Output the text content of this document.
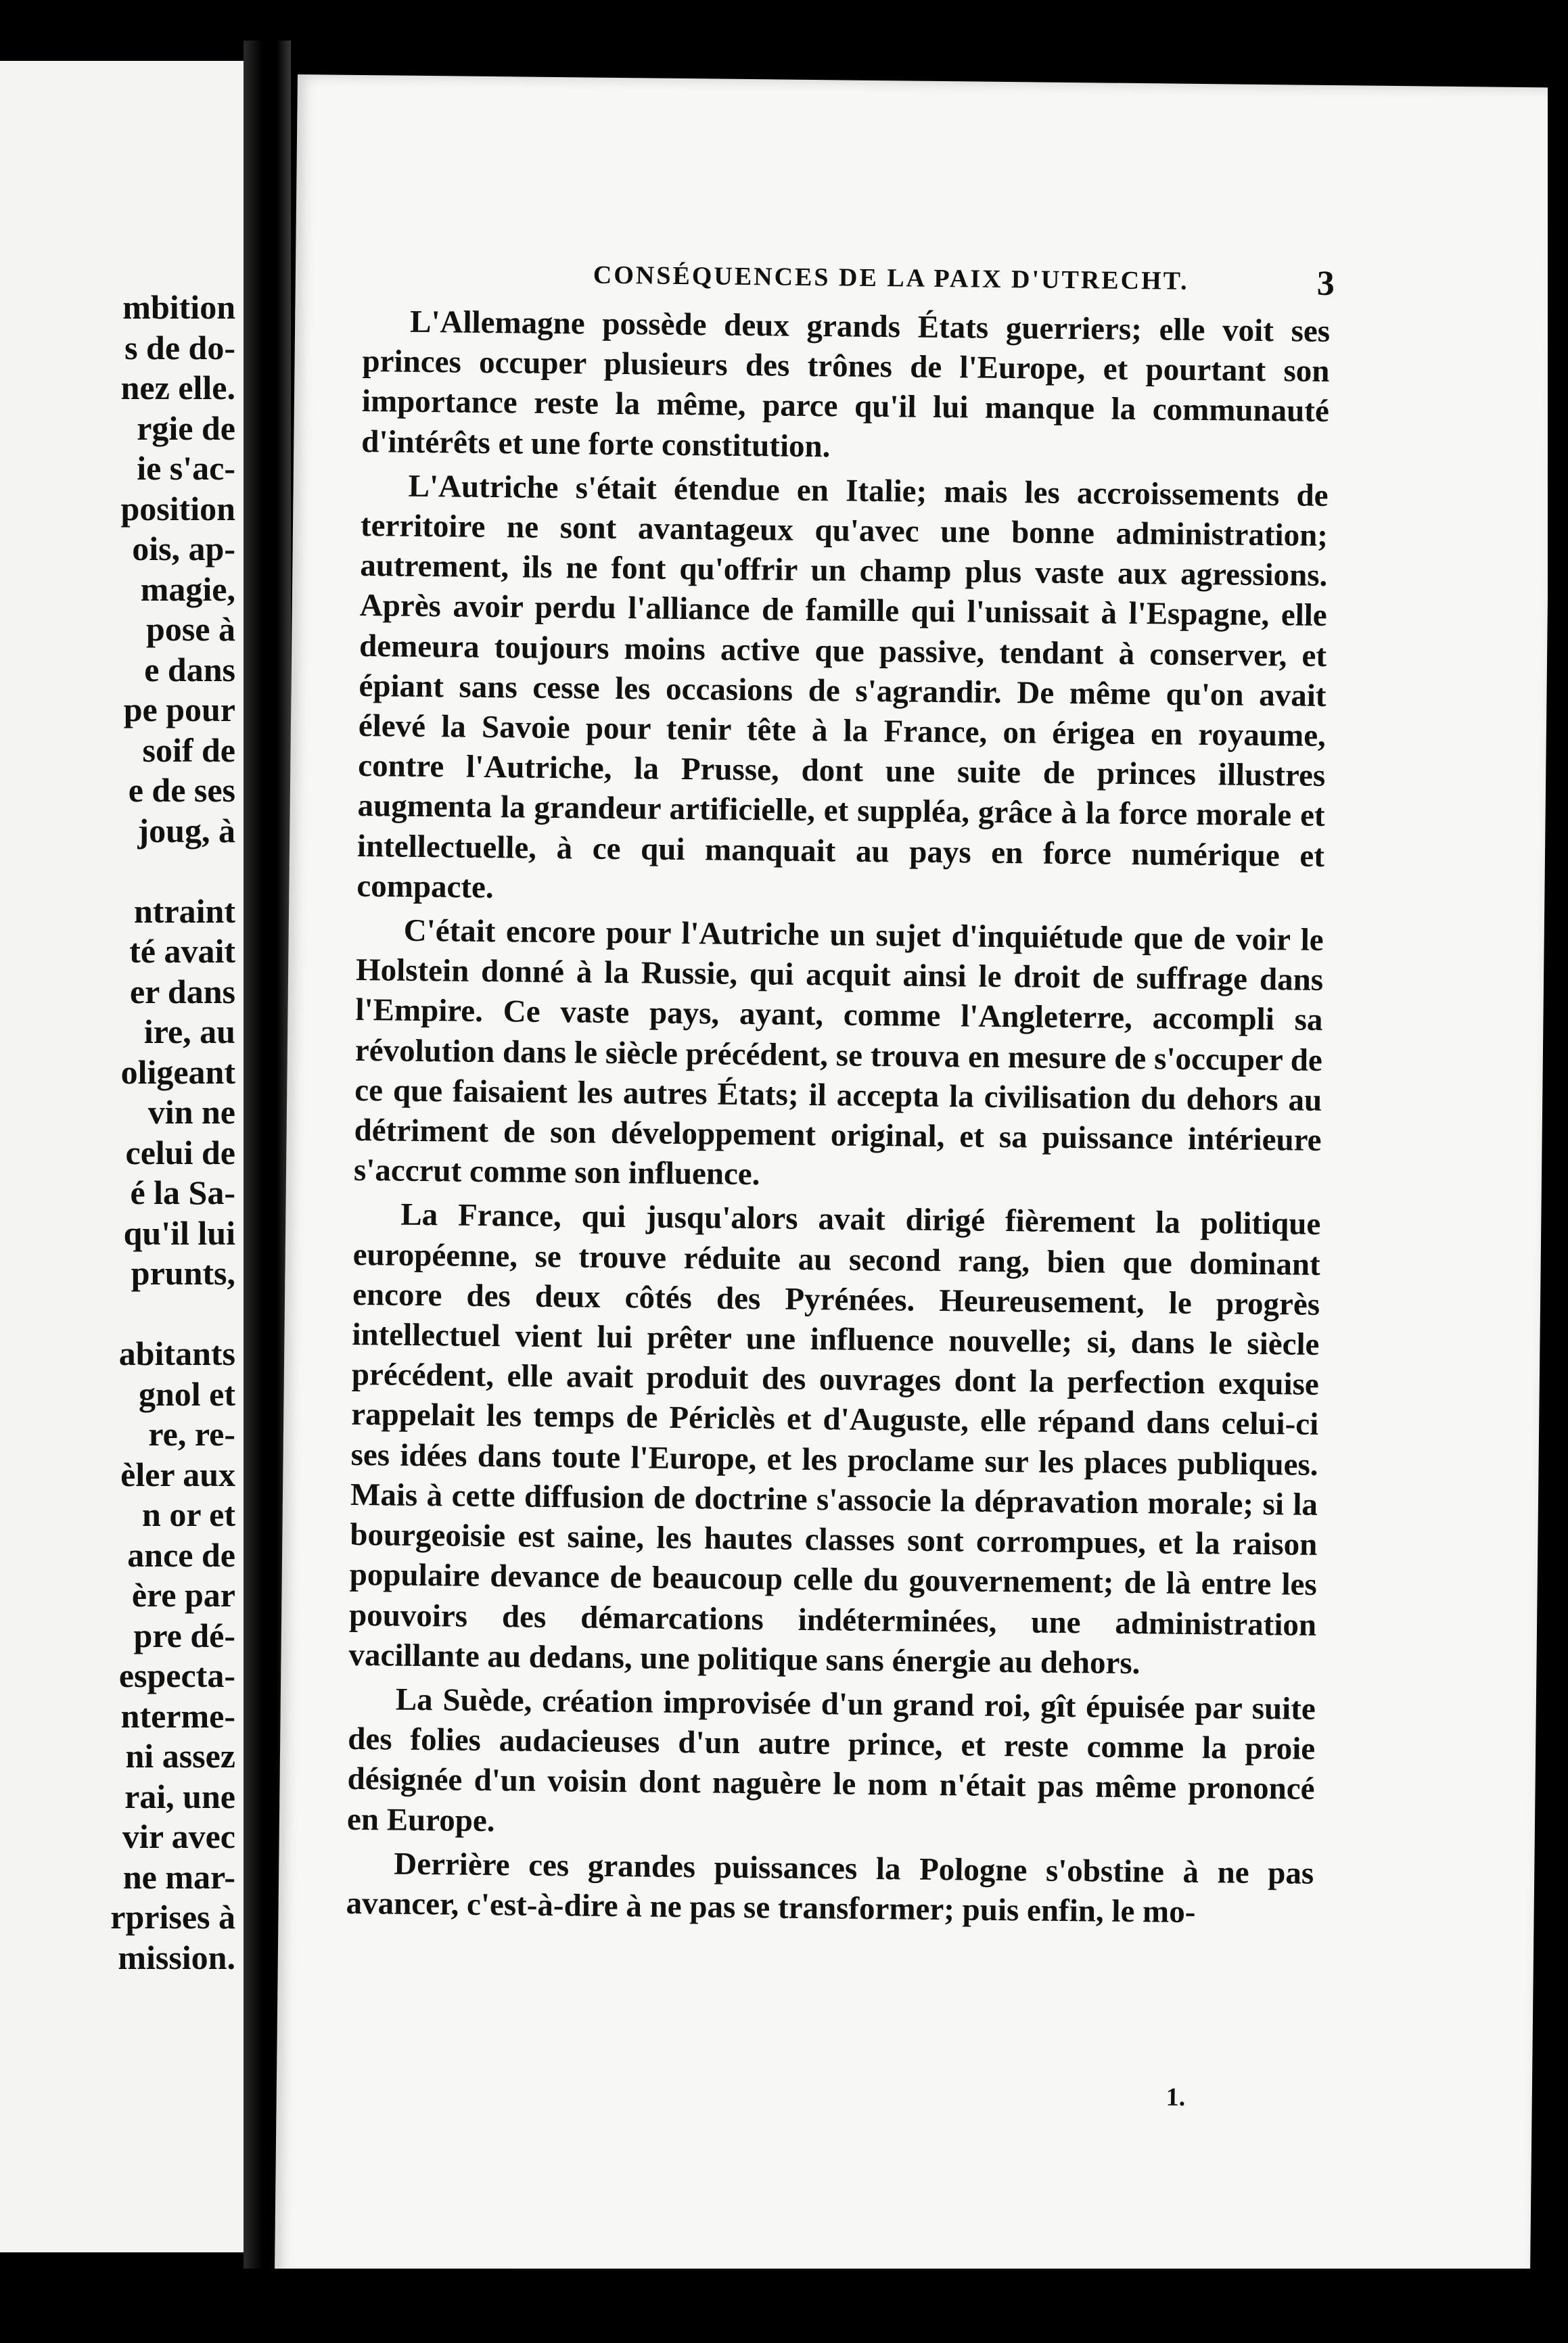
mbition
s de do-
nez elle.
rgie de
ie s'ac-
position
ois, ap-
magie,
pose à
e dans
pe pour
soif de
e de ses
joug, à
ntraint
té avait
er dans
ire, au
oligeant
vin ne
celui de
é la Sa-
qu'il lui
prunts,
abitants
gnol et
re, re-
èler aux
n or et
ance de
ère par
pre dé-
especta-
nterme-
ni assez
rai, une
vir avec
ne mar-
rprises à
mission.
CONSÉQUENCES DE LA PAIX D'UTRECHT.	3

L'Allemagne possède deux grands États guerriers; elle voit ses princes occuper plusieurs des trônes de l'Europe, et pourtant son importance reste la même, parce qu'il lui manque la communauté d'intérêts et une forte constitution.

L'Autriche s'était étendue en Italie; mais les accroissements de territoire ne sont avantageux qu'avec une bonne administration; autrement, ils ne font qu'offrir un champ plus vaste aux agressions. Après avoir perdu l'alliance de famille qui l'unissait à l'Espagne, elle demeura toujours moins active que passive, tendant à conserver, et épiant sans cesse les occasions de s'agrandir. De même qu'on avait élevé la Savoie pour tenir tête à la France, on érigea en royaume, contre l'Autriche, la Prusse, dont une suite de princes illustres augmenta la grandeur artificielle, et suppléa, grâce à la force morale et intellectuelle, à ce qui manquait au pays en force numérique et compacte.

C'était encore pour l'Autriche un sujet d'inquiétude que de voir le Holstein donné à la Russie, qui acquit ainsi le droit de suffrage dans l'Empire. Ce vaste pays, ayant, comme l'Angleterre, accompli sa révolution dans le siècle précédent, se trouva en mesure de s'occuper de ce que faisaient les autres États; il accepta la civilisation du dehors au détriment de son développement original, et sa puissance intérieure s'accrut comme son influence.

La France, qui jusqu'alors avait dirigé fièrement la politique européenne, se trouve réduite au second rang, bien que dominant encore des deux côtés des Pyrénées. Heureusement, le progrès intellectuel vient lui prêter une influence nouvelle; si, dans le siècle précédent, elle avait produit des ouvrages dont la perfection exquise rappelait les temps de Périclès et d'Auguste, elle répand dans celui-ci ses idées dans toute l'Europe, et les proclame sur les places publiques. Mais à cette diffusion de doctrine s'associe la dépravation morale; si la bourgeoisie est saine, les hautes classes sont corrompues, et la raison populaire devance de beaucoup celle du gouvernement; de là entre les pouvoirs des démarcations indéterminées, une administration vacillante au dedans, une politique sans énergie au dehors.

La Suède, création improvisée d'un grand roi, gît épuisée par suite des folies audacieuses d'un autre prince, et reste comme la proie désignée d'un voisin dont naguère le nom n'était pas même prononcé en Europe.

Derrière ces grandes puissances la Pologne s'obstine à ne pas avancer, c'est-à-dire à ne pas se transformer; puis enfin, le mo-

1.
